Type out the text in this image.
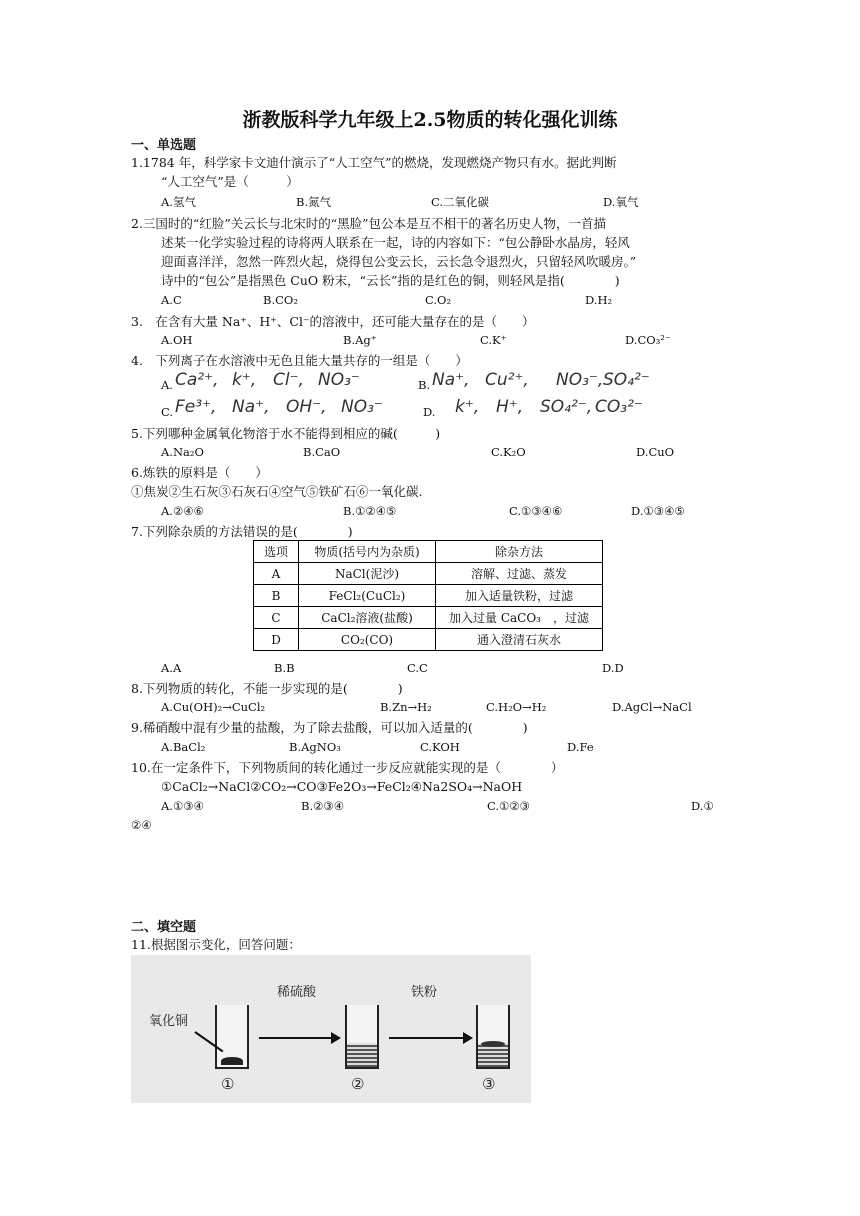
浙教版科学九年级上2.5物质的转化强化训练
一、单选题
1.1784 年，科学家卡文迪什演示了“人工空气”的燃烧，发现燃烧产物只有水。据此判断
“人工空气”是（　　　）
A.氢气	B.氮气	C.二氧化碳	D.氧气
2.三国时的“红脸”关云长与北宋时的“黑脸”包公本是互不相干的著名历史人物，一首描
述某一化学实验过程的诗将两人联系在一起，诗的内容如下：“包公静卧水晶房，轻风
迎面喜洋洋，忽然一阵烈火起，烧得包公变云长，云长急令退烈火，只留轻风吹暖房。”
诗中的“包公”是指黑色 CuO 粉末，“云长”指的是红色的铜，则轻风是指(　　　　)
A.C	B.CO₂	C.O₂	D.H₂
3.　在含有大量 Na⁺、H⁺、Cl⁻的溶液中，还可能大量存在的是（　　）
A.OH	B.Ag⁺	C.K⁺	D.CO₃²⁻
4.　下列离子在水溶液中无色且能大量共存的一组是（　　）
A. Ca²⁺, k⁺, Cl⁻, NO₃⁻	B. Na⁺, Cu²⁺, NO₃⁻, SO₄²⁻
C. Fe³⁺, Na⁺, OH⁻, NO₃⁻	D. k⁺, H⁺, SO₄²⁻, CO₃²⁻
5.下列哪种金属氧化物溶于水不能得到相应的碱(　　　)
A.Na₂O	B.CaO	C.K₂O	D.CuO
6.炼铁的原料是（　　）
①焦炭②生石灰③石灰石④空气⑤铁矿石⑥一氧化碳.
A.②④⑥	B.①②④⑤	C.①③④⑥	D.①③④⑤
7.下列除杂质的方法错误的是(　　　　)
选项	物质(括号内为杂质)	除杂方法
A	NaCl(泥沙)	溶解、过滤、蒸发
B	FeCl₂(CuCl₂)	加入适量铁粉，过滤
C	CaCl₂溶液(盐酸)	加入过量 CaCO₃　，过滤
D	CO₂(CO)	通入澄清石灰水
A.A	B.B	C.C	D.D
8.下列物质的转化，不能一步实现的是(　　　　)
A.Cu(OH)₂→CuCl₂	B.Zn→H₂	C.H₂O→H₂	D.AgCl→NaCl
9.稀硝酸中混有少量的盐酸，为了除去盐酸，可以加入适量的(　　　　)
A.BaCl₂	B.AgNO₃	C.KOH	D.Fe
10.在一定条件下，下列物质间的转化通过一步反应就能实现的是（　　　　）
①CaCl₂→NaCl②CO₂→CO③Fe2O₃→FeCl₂④Na2SO₄→NaOH
A.①③④	B.②③④	C.①②③	D.①
②④
二、填空题
11.根据图示变化，回答问题：
氧化铜
稀硫酸	铁粉
①	②	③
